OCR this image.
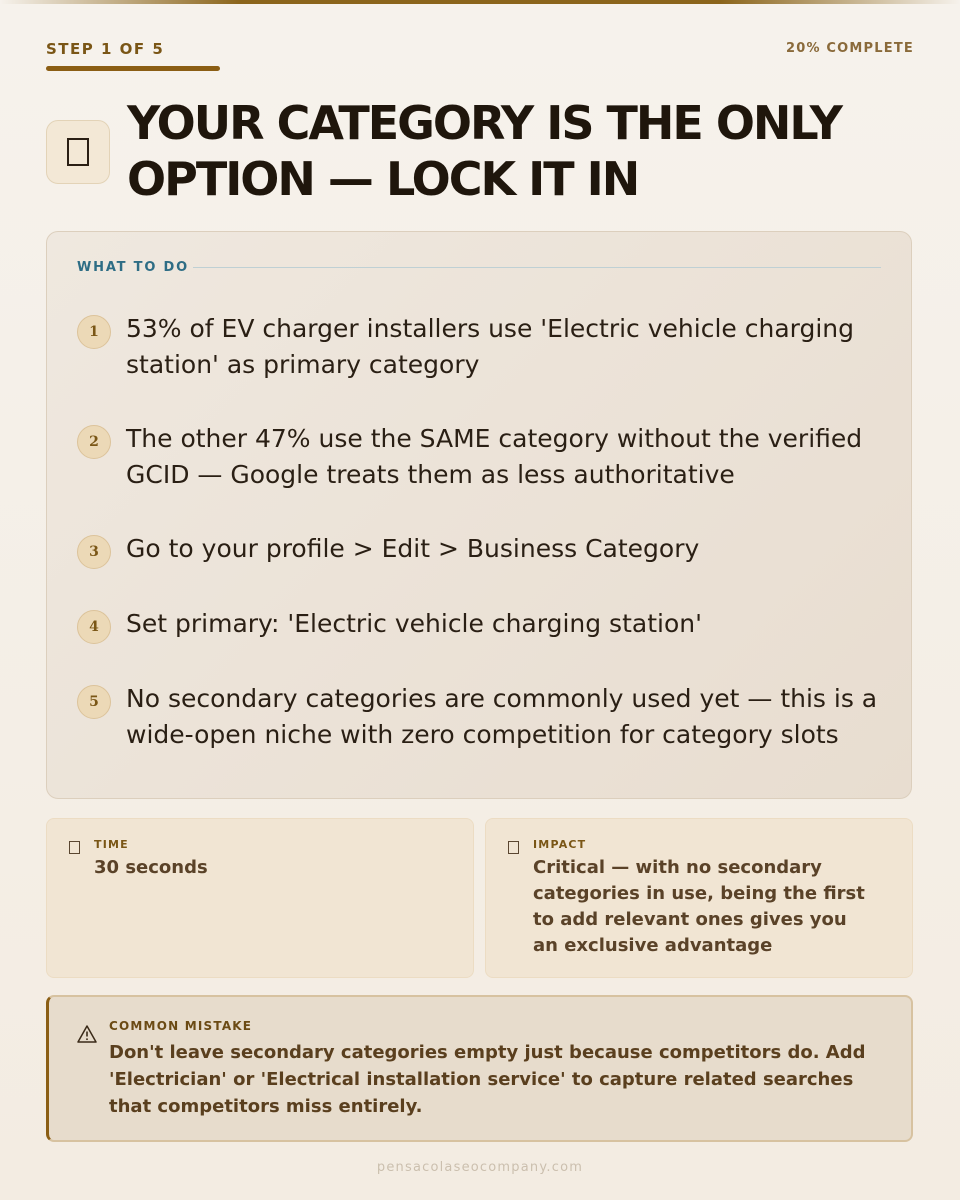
STEP 1 OF 5	20% COMPLETE
YOUR CATEGORY IS THE ONLY
OPTION — LOCK IT IN
WHAT TO DO
1	53% of EV charger installers use 'Electric vehicle charging station' as primary category
2	The other 47% use the SAME category without the verified GCID — Google treats them as less authoritative
3	Go to your profile > Edit > Business Category
4	Set primary: 'Electric vehicle charging station'
5	No secondary categories are commonly used yet — this is a wide-open niche with zero competition for category slots
TIME
30 seconds
IMPACT
Critical — with no secondary categories in use, being the first to add relevant ones gives you an exclusive advantage
COMMON MISTAKE
Don't leave secondary categories empty just because competitors do. Add 'Electrician' or 'Electrical installation service' to capture related searches that competitors miss entirely.
pensacolaseocompany.com
